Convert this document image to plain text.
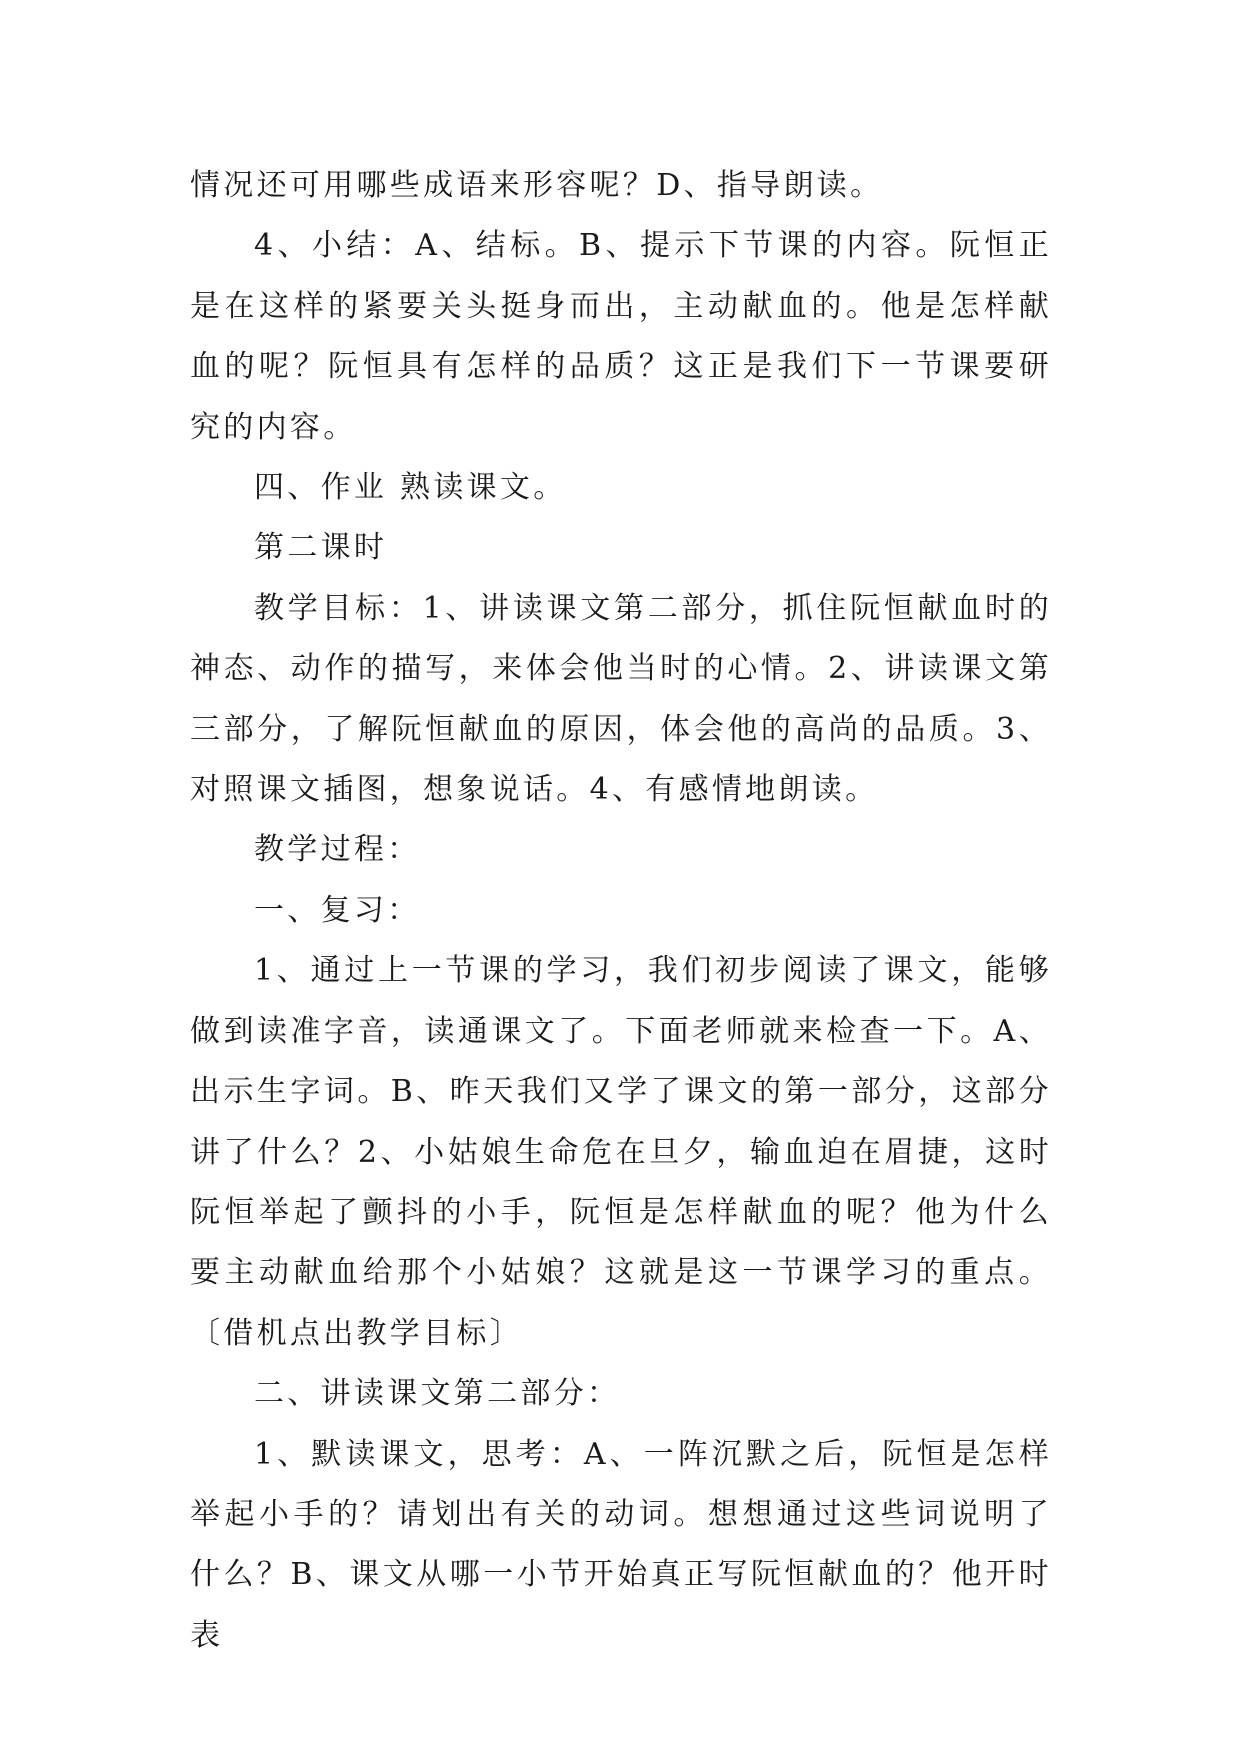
情况还可用哪些成语来形容呢？D、指导朗读。

4、小结：A、结标。B、提示下节课的内容。阮恒正是在这样的紧要关头挺身而出，主动献血的。他是怎样献血的呢？阮恒具有怎样的品质？这正是我们下一节课要研究的内容。

四、作业 熟读课文。

第二课时

教学目标：1、讲读课文第二部分，抓住阮恒献血时的神态、动作的描写，来体会他当时的心情。2、讲读课文第三部分，了解阮恒献血的原因，体会他的高尚的品质。3、对照课文插图，想象说话。4、有感情地朗读。

教学过程：

一、复习：

1、通过上一节课的学习，我们初步阅读了课文，能够做到读准字音，读通课文了。下面老师就来检查一下。A、出示生字词。B、昨天我们又学了课文的第一部分，这部分讲了什么？2、小姑娘生命危在旦夕，输血迫在眉捷，这时阮恒举起了颤抖的小手，阮恒是怎样献血的呢？他为什么要主动献血给那个小姑娘？这就是这一节课学习的重点。〔借机点出教学目标〕

二、讲读课文第二部分：

1、默读课文，思考：A、一阵沉默之后，阮恒是怎样举起小手的？请划出有关的动词。想想通过这些词说明了什么？B、课文从哪一小节开始真正写阮恒献血的？他开时表
